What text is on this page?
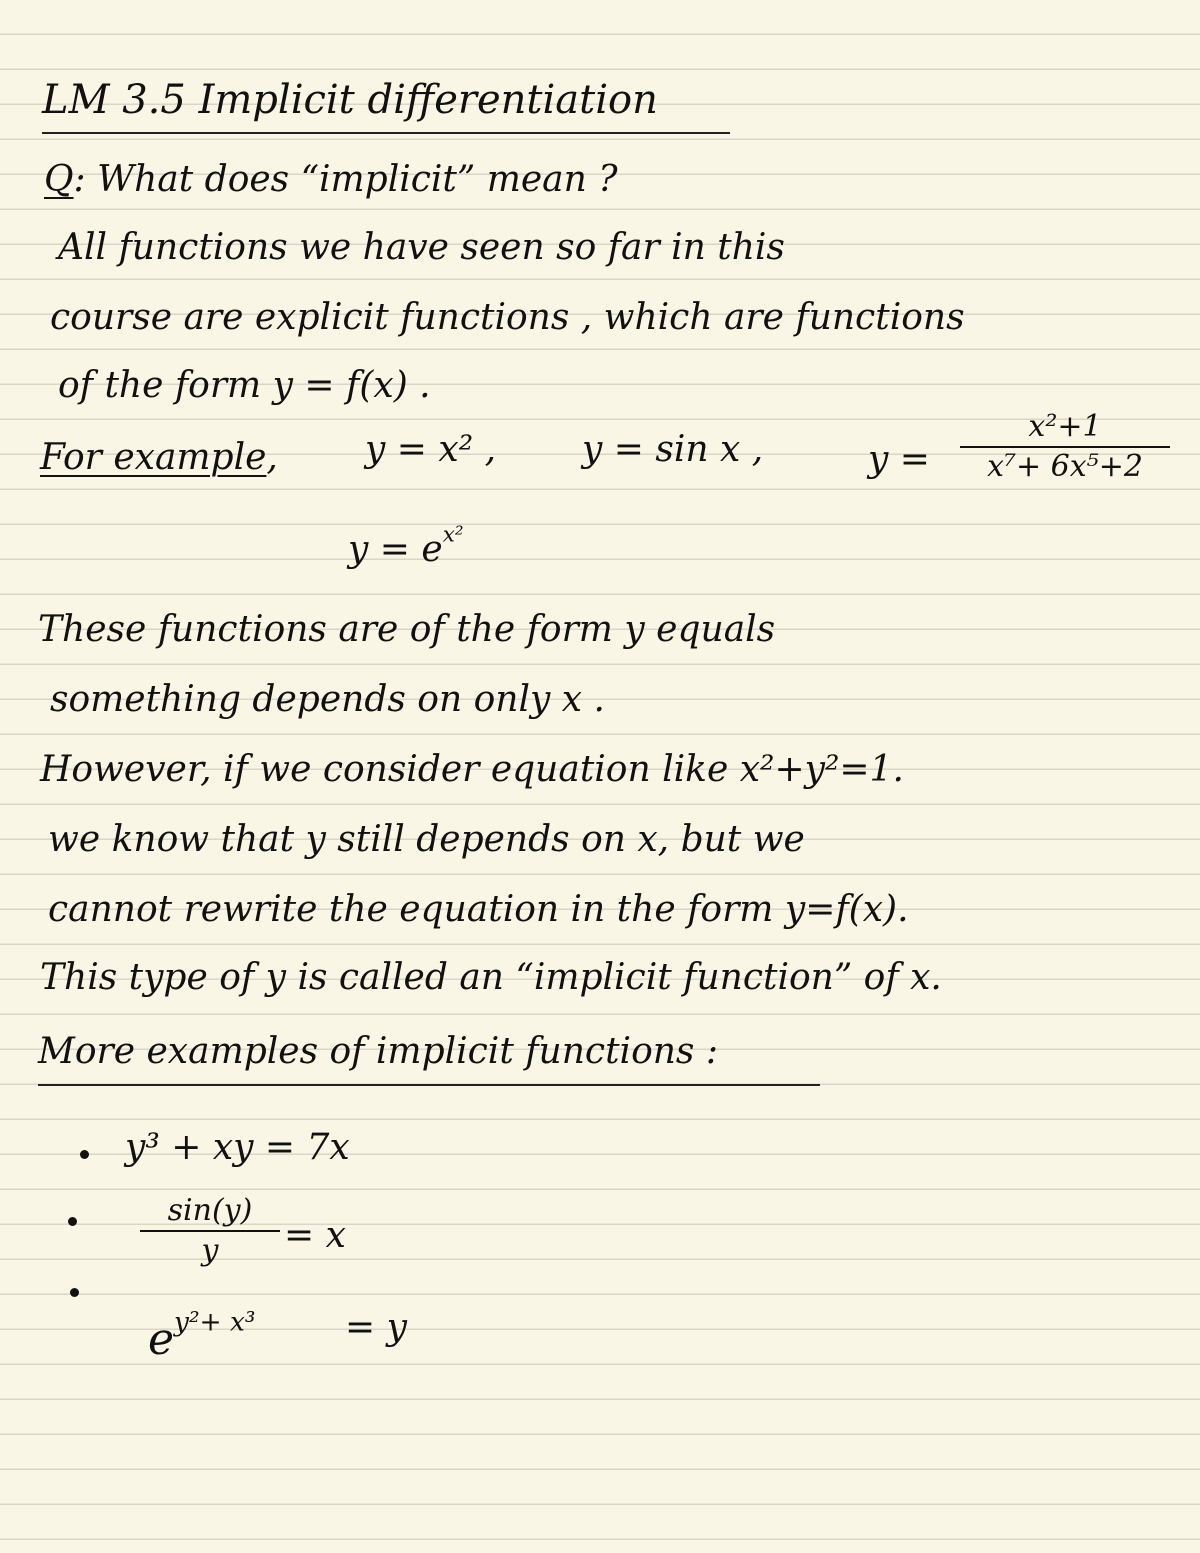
LM 3.5 Implicit differentiation
Q: What does “implicit” mean ?
All functions we have seen so far in this
course are explicit functions , which are functions
of the form y = f(x) .
For example, y = x² , y = sin x ,	y =
x²+1
x⁷+ 6x⁵+2
$y = e^{x^2}$
These functions are of the form y equals
something depends on only x .
However, if we consider equation like x²+y²=1.
we know that y still depends on x, but we
cannot rewrite the equation in the form y=f(x).
This type of y is called an “implicit function” of x.
More examples of implicit functions :
y³ + xy = 7x
sin(y)
y	= x
$e^{y^2+ x^3} = y$
